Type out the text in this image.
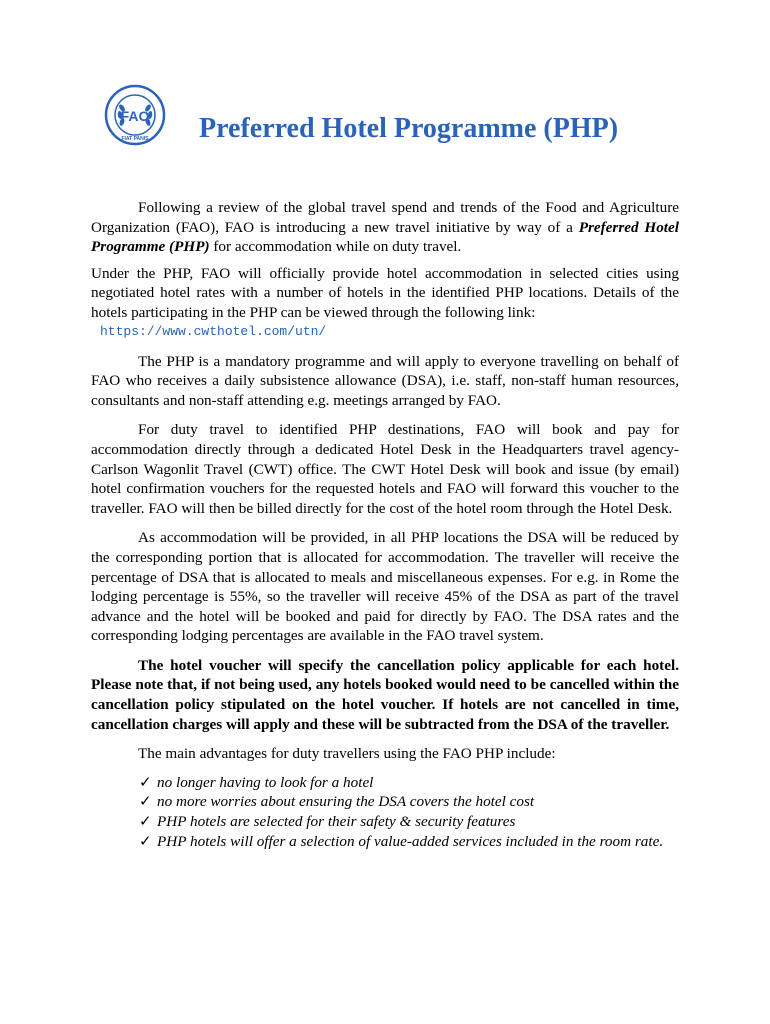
FAO
FIAT PANIS Preferred Hotel Programme (PHP)

Following a review of the global travel spend and trends of the Food and Agriculture Organization (FAO), FAO is introducing a new travel initiative by way of a Preferred Hotel Programme (PHP) for accommodation while on duty travel.

Under the PHP, FAO will officially provide hotel accommodation in selected cities using negotiated hotel rates with a number of hotels in the identified PHP locations. Details of the hotels participating in the PHP can be viewed through the following link:
https://www.cwthotel.com/utn/

The PHP is a mandatory programme and will apply to everyone travelling on behalf of FAO who receives a daily subsistence allowance (DSA), i.e. staff, non-staff human resources, consultants and non-staff attending e.g. meetings arranged by FAO.

For duty travel to identified PHP destinations, FAO will book and pay for accommodation directly through a dedicated Hotel Desk in the Headquarters travel agency- Carlson Wagonlit Travel (CWT) office. The CWT Hotel Desk will book and issue (by email) hotel confirmation vouchers for the requested hotels and FAO will forward this voucher to the traveller. FAO will then be billed directly for the cost of the hotel room through the Hotel Desk.

As accommodation will be provided, in all PHP locations the DSA will be reduced by the corresponding portion that is allocated for accommodation. The traveller will receive the percentage of DSA that is allocated to meals and miscellaneous expenses. For e.g. in Rome the lodging percentage is 55%, so the traveller will receive 45% of the DSA as part of the travel advance and the hotel will be booked and paid for directly by FAO. The DSA rates and the corresponding lodging percentages are available in the FAO travel system.

The hotel voucher will specify the cancellation policy applicable for each hotel. Please note that, if not being used, any hotels booked would need to be cancelled within the cancellation policy stipulated on the hotel voucher. If hotels are not cancelled in time, cancellation charges will apply and these will be subtracted from the DSA of the traveller.

The main advantages for duty travellers using the FAO PHP include:

✓ no longer having to look for a hotel
✓ no more worries about ensuring the DSA covers the hotel cost
✓ PHP hotels are selected for their safety & security features
✓ PHP hotels will offer a selection of value-added services included in the room rate.
